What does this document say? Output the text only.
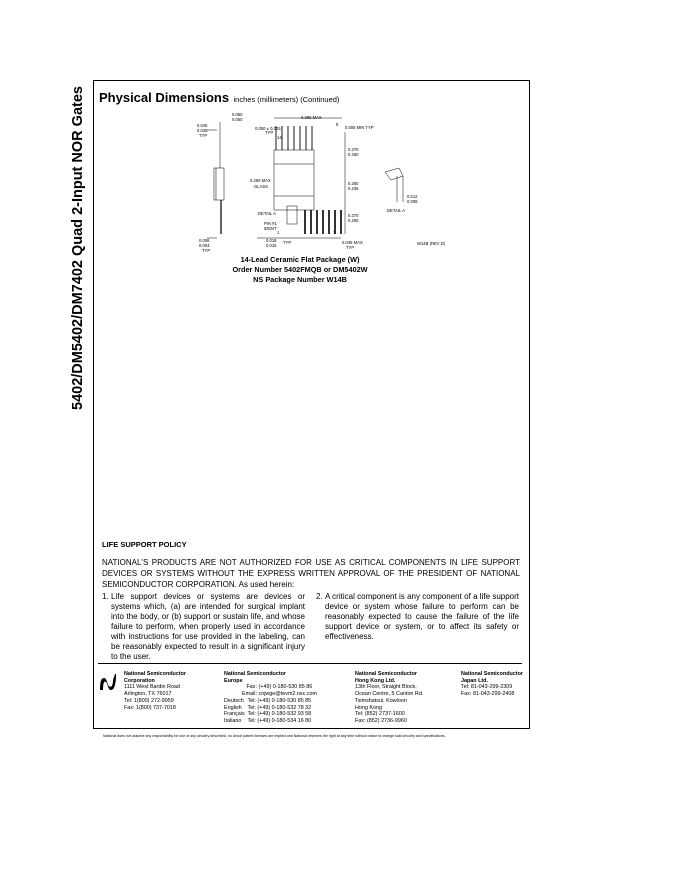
5402/DM5402/DM7402 Quad 2-Input NOR Gates Physical Dimensions inches (millimeters) (Continued)
0.060
0.050
0.045
0.026
TYP
0.050 ± 0.005
TYP
14
0.385 MAX
8
0.005 MIN TYP
0.370
0.250
0.280 MAX
GLASS
0.260
0.235
0.012
0.008
DETAIL A
DETAIL A
PIN #1
IDENT
0.370
0.250
1	7
0.019
0.015
TYP	0.045 MAX
TYP
0.006
0.004
TYP
W14B (REV D)
14-Lead Ceramic Flat Package (W)
Order Number 5402FMQB or DM5402W
NS Package Number W14B
LIFE SUPPORT POLICY
NATIONAL'S PRODUCTS ARE NOT AUTHORIZED FOR USE AS CRITICAL COMPONENTS IN LIFE SUPPORT DEVICES OR SYSTEMS WITHOUT THE EXPRESS WRITTEN APPROVAL OF THE PRESIDENT OF NATIONAL SEMICONDUCTOR CORPORATION. As used herein:
1. Life support devices or systems are devices or systems which, (a) are intended for surgical implant into the body, or (b) support or sustain life, and whose failure to perform, when properly used in accordance with instructions for use provided in the labeling, can be reasonably expected to result in a significant injury to the user.
2. A critical component is any component of a life support device or system whose failure to perform can be reasonably expected to cause the failure of the life support device or system, or to affect its safety or effectiveness.
National Semiconductor
Corporation
1111 West Bardin Road
Arlington, TX 76017
Tel: 1(800) 272-9959
Fax: 1(800) 737-7018
National Semiconductor
Europe
Fax: (+49) 0-180-530 85 86
Email: cnjwge@tevm2.nsc.com
Deutsch Tel: (+49) 0-180-530 85 85
English Tel: (+49) 0-180-532 78 32
Français Tel: (+49) 0-180-532 93 58
Italiano Tel: (+49) 0-180-534 16 80
National Semiconductor
Hong Kong Ltd.
13th Floor, Straight Block,
Ocean Centre, 5 Canton Rd.
Tsimshatsui, Kowloon
Hong Kong
Tel: (852) 2737-1600
Fax: (852) 2736-9960
National Semiconductor
Japan Ltd.
Tel: 81-043-299-2309
Fax: 81-043-299-2408
National does not assume any responsibility for use of any circuitry described, no circuit patent licenses are implied and National reserves the right at any time without notice to change said circuitry and specifications.
